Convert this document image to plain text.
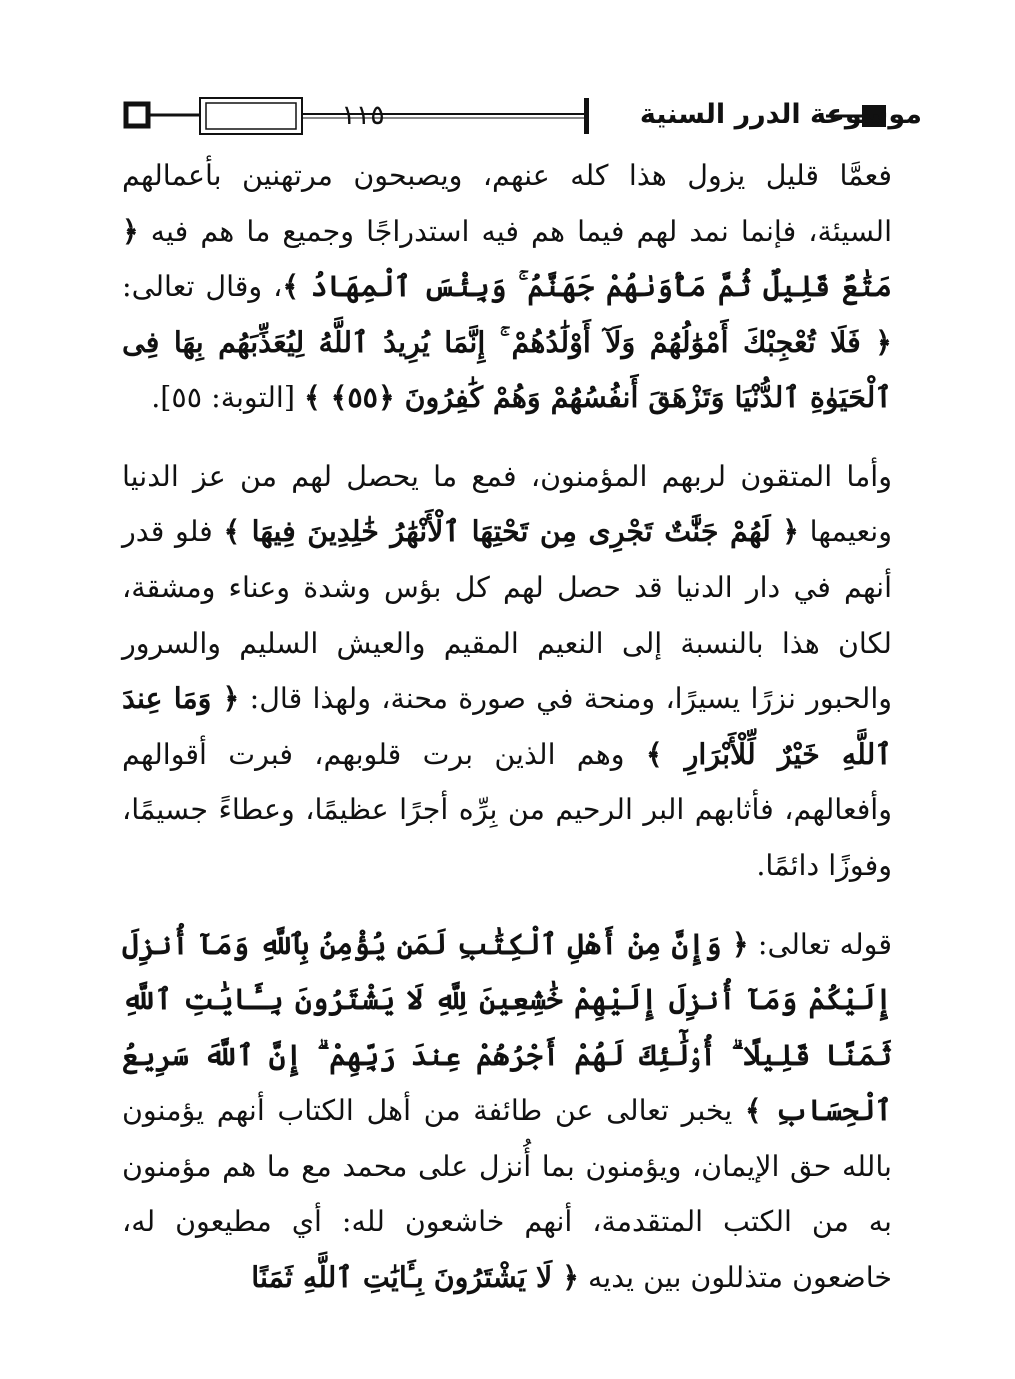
١١٥	موسوعة الدرر السنية

فعمَّا قليل يزول هذا كله عنهم، ويصبحون مرتهنين بأعمالهم السيئة، فإنما نمد لهم فيما هم فيه استدراجًا وجميع ما هم فيه ﴿ مَتَٰعٌ قَلِيلٌ ثُمَّ مَأْوَىٰهُمْ جَهَنَّمُ ۚ وَبِئْسَ ٱلْمِهَادُ ﴾، وقال تعالى: ﴿ فَلَا تُعْجِبْكَ أَمْوَٰلُهُمْ وَلَآ أَوْلَٰدُهُمْ ۚ إِنَّمَا يُرِيدُ ٱللَّهُ لِيُعَذِّبَهُم بِهَا فِى ٱلْحَيَوٰةِ ٱلدُّنْيَا وَتَزْهَقَ أَنفُسُهُمْ وَهُمْ كَٰفِرُونَ ﴿٥٥﴾ ﴾ [التوبة: ٥٥].

وأما المتقون لربهم المؤمنون، فمع ما يحصل لهم من عز الدنيا ونعيمها ﴿ لَهُمْ جَنَّٰتٌ تَجْرِى مِن تَحْتِهَا ٱلْأَنْهَٰرُ خَٰلِدِينَ فِيهَا ﴾ فلو قدر أنهم في دار الدنيا قد حصل لهم كل بؤس وشدة وعناء ومشقة، لكان هذا بالنسبة إلى النعيم المقيم والعيش السليم والسرور والحبور نزرًا يسيرًا، ومنحة في صورة محنة، ولهذا قال: ﴿ وَمَا عِندَ ٱللَّهِ خَيْرٌ لِّلْأَبْرَارِ ﴾ وهم الذين برت قلوبهم، فبرت أقوالهم وأفعالهم، فأثابهم البر الرحيم من بِرِّه أجرًا عظيمًا، وعطاءً جسيمًا، وفوزًا دائمًا.

قوله تعالى: ﴿ وَإِنَّ مِنْ أَهْلِ ٱلْكِتَٰبِ لَمَن يُؤْمِنُ بِٱللَّهِ وَمَآ أُنزِلَ إِلَيْكُمْ وَمَآ أُنزِلَ إِلَيْهِمْ خَٰشِعِينَ لِلَّهِ لَا يَشْتَرُونَ بِـَٔايَٰتِ ٱللَّهِ ثَمَنًا قَلِيلًا ۗ أُو۟لَٰٓئِكَ لَهُمْ أَجْرُهُمْ عِندَ رَبِّهِمْ ۗ إِنَّ ٱللَّهَ سَرِيعُ ٱلْحِسَابِ ﴾ يخبر تعالى عن طائفة من أهل الكتاب أنهم يؤمنون بالله حق الإيمان، ويؤمنون بما أُنزل على محمد مع ما هم مؤمنون به من الكتب المتقدمة، أنهم خاشعون لله: أي مطيعون له، خاضعون متذللون بين يديه ﴿ لَا يَشْتَرُونَ بِـَٔايَٰتِ ٱللَّهِ ثَمَنًا
